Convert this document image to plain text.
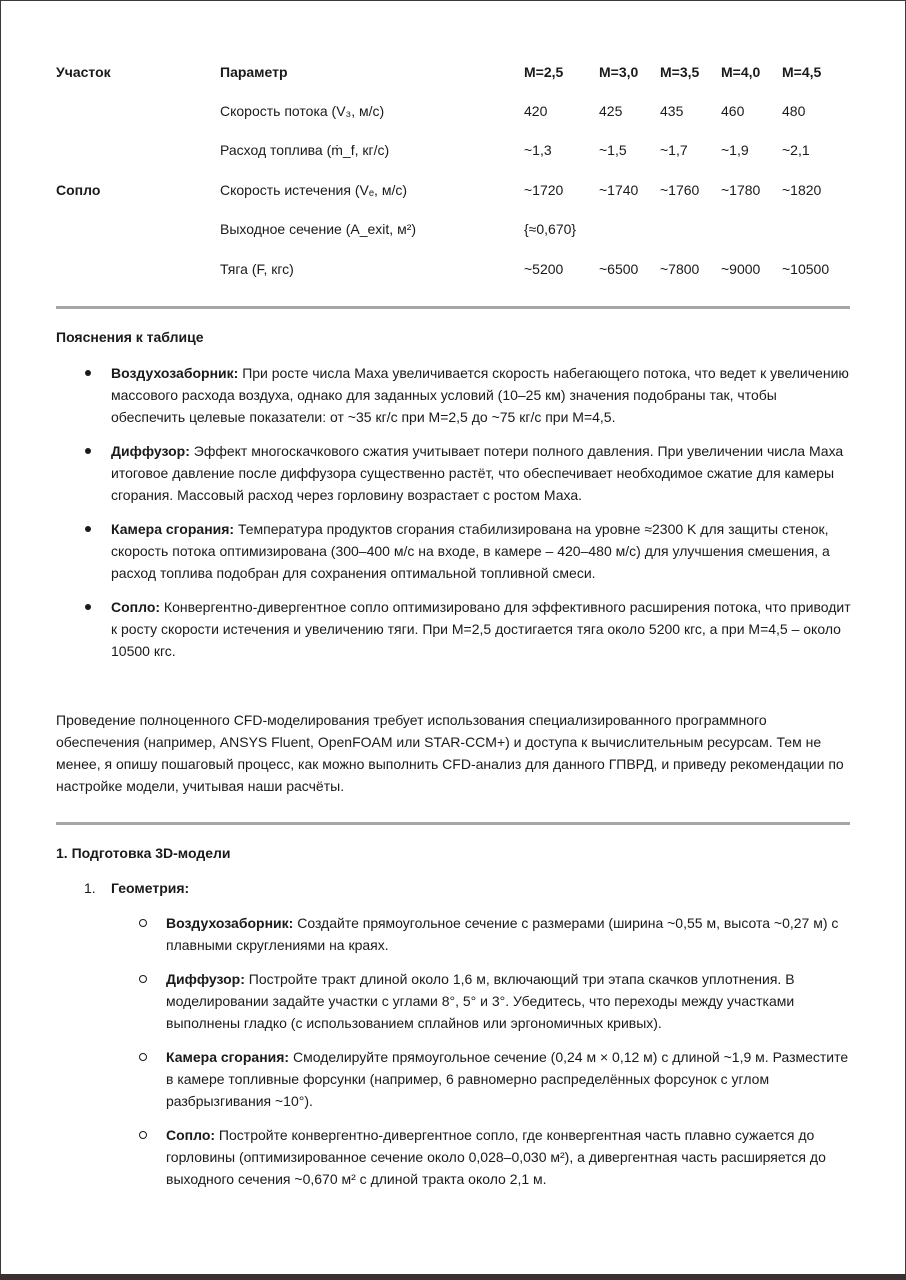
Участок	Параметр	M=2,5	M=3,0	M=3,5	M=4,0	M=4,5
	Скорость потока (V₃, м/с)	420	425	435	460	480
	Расход топлива (ṁ_f, кг/с)	~1,3	~1,5	~1,7	~1,9	~2,1
Сопло	Скорость истечения (Vₑ, м/с)	~1720	~1740	~1760	~1780	~1820
	Выходное сечение (A_exit, м²)	{≈0,670}				
	Тяга (F, кгс)	~5200	~6500	~7800	~9000	~10500
Пояснения к таблице
Воздухозаборник: При росте числа Маха увеличивается скорость набегающего потока, что ведет к увеличению массового расхода воздуха, однако для заданных условий (10–25 км) значения подобраны так, чтобы обеспечить целевые показатели: от ~35 кг/с при M=2,5 до ~75 кг/с при M=4,5.
Диффузор: Эффект многоскачкового сжатия учитывает потери полного давления. При увеличении числа Маха итоговое давление после диффузора существенно растёт, что обеспечивает необходимое сжатие для камеры сгорания. Массовый расход через горловину возрастает с ростом Маха.
Камера сгорания: Температура продуктов сгорания стабилизирована на уровне ≈2300 K для защиты стенок, скорость потока оптимизирована (300–400 м/с на входе, в камере – 420–480 м/с) для улучшения смешения, а расход топлива подобран для сохранения оптимальной топливной смеси.
Сопло: Конвергентно-дивергентное сопло оптимизировано для эффективного расширения потока, что приводит к росту скорости истечения и увеличению тяги. При M=2,5 достигается тяга около 5200 кгс, а при M=4,5 – около 10500 кгс.

Проведение полноценного CFD-моделирования требует использования специализированного программного обеспечения (например, ANSYS Fluent, OpenFOAM или STAR-CCM+) и доступа к вычислительным ресурсам. Тем не менее, я опишу пошаговый процесс, как можно выполнить CFD-анализ для данного ГПВРД, и приведу рекомендации по настройке модели, учитывая наши расчёты.

1. Подготовка 3D-модели
1. Геометрия:
Воздухозаборник: Создайте прямоугольное сечение с размерами (ширина ~0,55 м, высота ~0,27 м) с плавными скруглениями на краях.
Диффузор: Постройте тракт длиной около 1,6 м, включающий три этапа скачков уплотнения. В моделировании задайте участки с углами 8°, 5° и 3°. Убедитесь, что переходы между участками выполнены гладко (с использованием сплайнов или эргономичных кривых).
Камера сгорания: Смоделируйте прямоугольное сечение (0,24 м × 0,12 м) с длиной ~1,9 м. Разместите в камере топливные форсунки (например, 6 равномерно распределённых форсунок с углом разбрызгивания ~10°).
Сопло: Постройте конвергентно-дивергентное сопло, где конвергентная часть плавно сужается до горловины (оптимизированное сечение около 0,028–0,030 м²), а дивергентная часть расширяется до выходного сечения ~0,670 м² с длиной тракта около 2,1 м.
